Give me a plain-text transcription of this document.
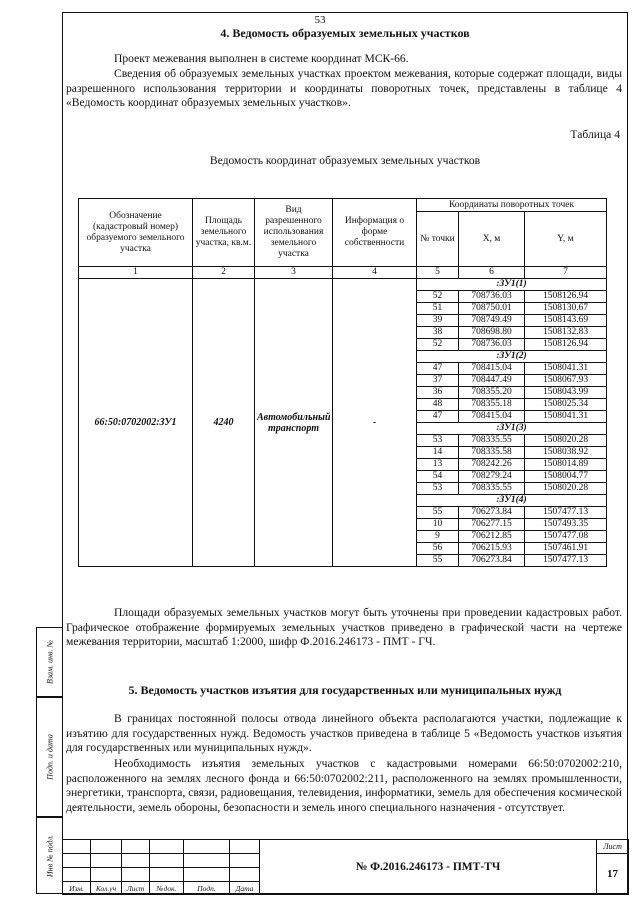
53
4. Ведомость образуемых земельных участков

Проект межевания выполнен в системе координат МСК-66.

Сведения об образуемых земельных участках проектом межевания, которые содержат площади, виды разрешенного использования территории и координаты поворотных точек, представлены в таблице 4 «Ведомость координат образуемых земельных участков».

Таблица 4
Ведомость координат образуемых земельных участков
Обозначение (кадастровый номер) образуемого земельного участка	Площадь земельного участка, кв.м.	Вид разрешенного использования земельного участка	Информация о форме собственности	Координаты поворотных точек		
				№ точки	X, м	Y, м
1	2	3	4	5	6	7
66:50:0702002:ЗУ1	4240	Автомобильный транспорт	-	:ЗУ1(1)		
				52	708736.03	1508126.94
				51	708750.01	1508130.67
				39	708749.49	1508143.69
				38	708698.80	1508132.83
				52	708736.03	1508126.94
				:ЗУ1(2)		
				47	708415.04	1508041.31
				37	708447.49	1508067.93
				36	708355.20	1508043.99
				48	708355.18	1508025.34
				47	708415.04	1508041.31
				:ЗУ1(3)		
				53	708335.55	1508020.28
				14	708335.58	1508038.92
				13	708242.26	1508014.89
				54	708279.24	1508004.77
				53	708335.55	1508020.28
				:ЗУ1(4)		
				55	706273.84	1507477.13
				10	706277.15	1507493.35
				9	706212.85	1507477.08
				56	706215.93	1507461.91
				55	706273.84	1507477.13

Площади образуемых земельных участков могут быть уточнены при проведении кадастровых работ. Графическое отображение формируемых земельных участков приведено в графической части на чертеже межевания территории, масштаб 1:2000, шифр Ф.2016.246173 - ПМТ - ГЧ.

5. Ведомость участков изъятия для государственных или муниципальных нужд

В границах постоянной полосы отвода линейного объекта располагаются участки, подлежащие к изъятию для государственных нужд. Ведомость участков приведена в таблице 5 «Ведомость участков изъятия для государственных или муниципальных нужд».

Необходимость изъятия земельных участков с кадастровыми номерами 66:50:0702002:210, расположенного на землях лесного фонда и 66:50:0702002:211, расположенного на землях промышленности, энергетики, транспорта, связи, радиовещания, телевидения, информатики, земель для обеспечения космической деятельности, земель обороны, безопасности и земель иного специального назначения - отсутствует.

Взам. инв. №
Подп. и дата
Инв № подл.
							№ Ф.2016.246173 - ПМТ-ТЧ	Лист
							17

Изм.	Кол.уч	Лист	№док.	Подп.	Дата		
